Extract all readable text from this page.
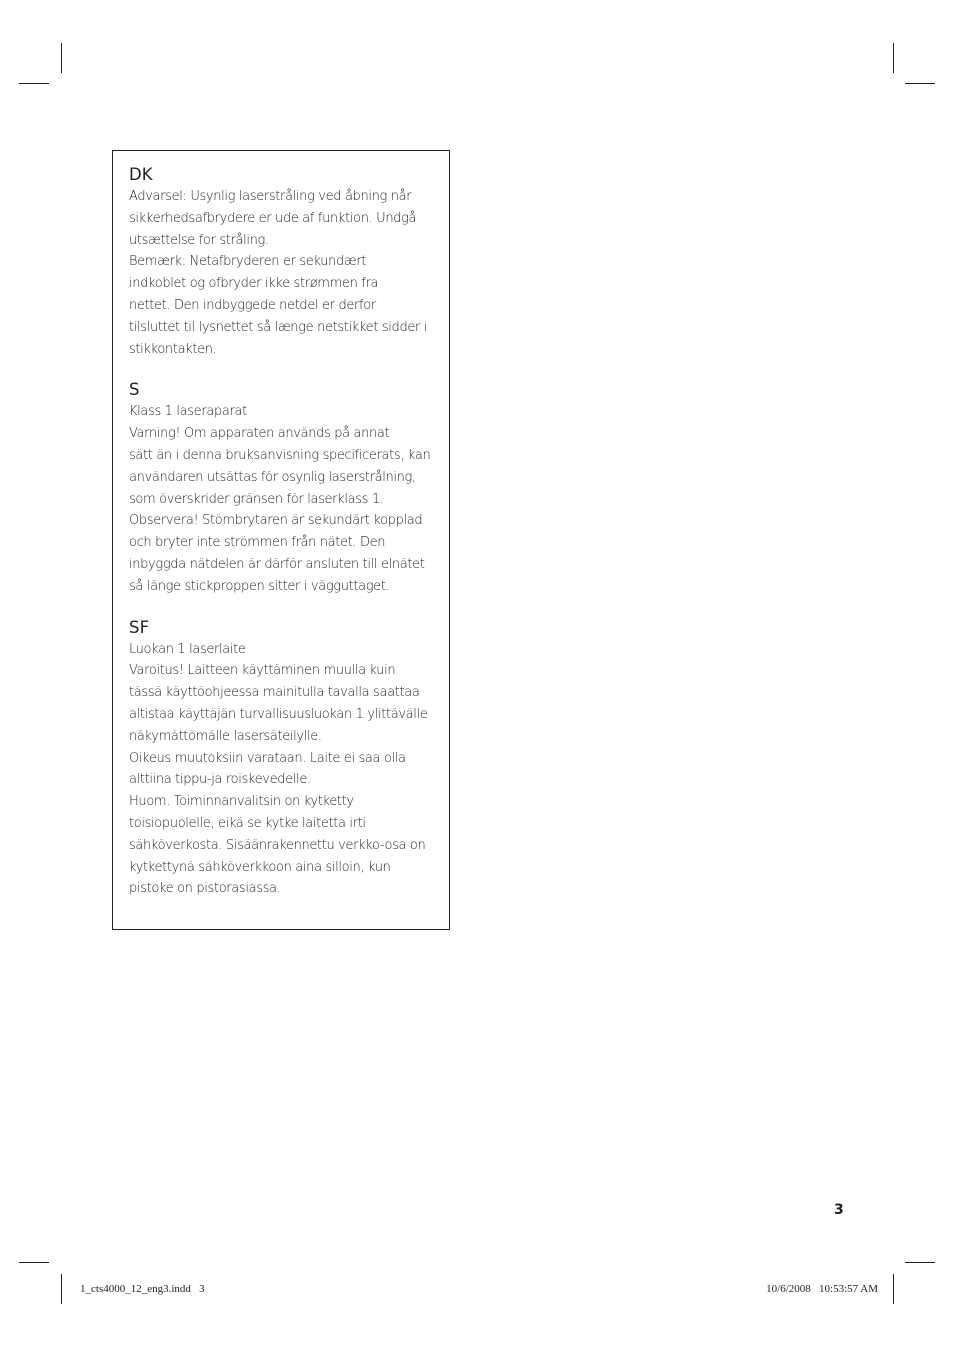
DK
Advarsel: Usynlig laserstråling ved åbning når
sikkerhedsafbrydere er ude af funktion. Undgå
utsættelse for stråling.
Bemærk: Netafbryderen er sekundært
indkoblet og ofbryder ikke strømmen fra
nettet. Den indbyggede netdel er derfor
tilsluttet til lysnettet så længe netstikket sidder i
stikkontakten.
S
Klass 1 laseraparat
Varning! Om apparaten används på annat
sätt än i denna bruksanvisning specificerats, kan
användaren utsättas för osynlig laserstrålning,
som överskrider gränsen för laserklass 1.
Observera! Stömbrytaren är sekundärt kopplad
och bryter inte strömmen från nätet. Den
inbyggda nätdelen är därför ansluten till elnätet
så länge stickproppen sitter i vägguttaget.
SF
Luokan 1 laserlaite
Varoitus! Laitteen käyttäminen muulla kuin
tässä käyttöohjeessa mainitulla tavalla saattaa
altistaa käyttäjän turvallisuusluokan 1 ylittävälle
näkymättömälle lasersäteilylle.
Oikeus muutoksiin varataan. Laite ei saa olla
alttiina tippu-ja roiskevedelle.
Huom. Toiminnanvalitsin on kytketty
toisiopuolelle, eikä se kytke laitetta irti
sähköverkosta. Sisäänrakennettu verkko-osa on
kytkettynä sähköverkkoon aina silloin, kun
pistoke on pistorasiassa.
3
1_cts4000_12_eng3.indd   3	10/6/2008   10:53:57 AM
